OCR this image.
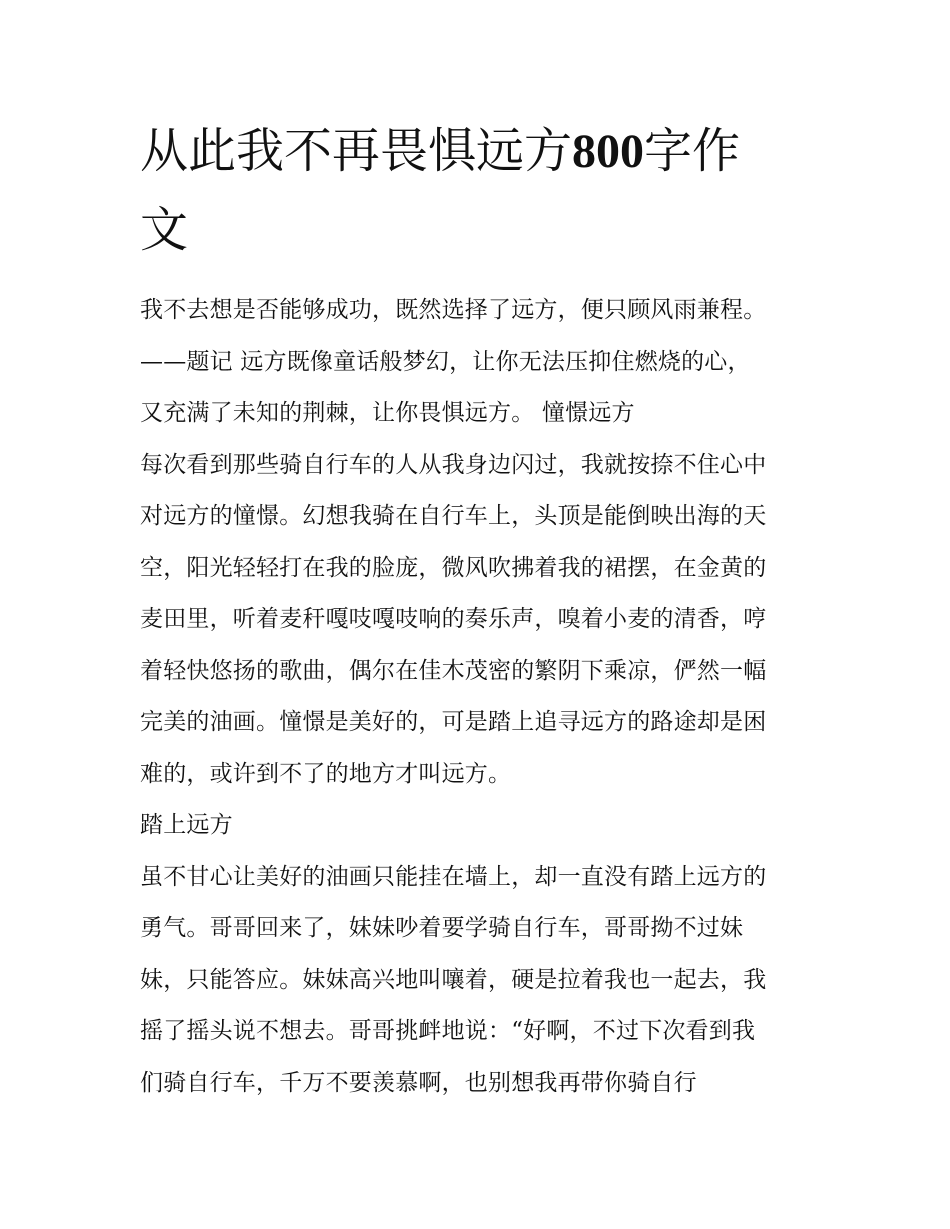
从此我不再畏惧远方800字作
文

我不去想是否能够成功，既然选择了远方，便只顾风雨兼程。

——题记 远方既像童话般梦幻，让你无法压抑住燃烧的心，

又充满了未知的荆棘，让你畏惧远方。 憧憬远方

每次看到那些骑自行车的人从我身边闪过，我就按捺不住心中

对远方的憧憬。幻想我骑在自行车上，头顶是能倒映出海的天

空，阳光轻轻打在我的脸庞，微风吹拂着我的裙摆，在金黄的

麦田里，听着麦秆嘎吱嘎吱响的奏乐声，嗅着小麦的清香，哼

着轻快悠扬的歌曲，偶尔在佳木茂密的繁阴下乘凉，俨然一幅

完美的油画。憧憬是美好的，可是踏上追寻远方的路途却是困

难的，或许到不了的地方才叫远方。

踏上远方

虽不甘心让美好的油画只能挂在墙上，却一直没有踏上远方的

勇气。哥哥回来了，妹妹吵着要学骑自行车，哥哥拗不过妹

妹，只能答应。妹妹高兴地叫嚷着，硬是拉着我也一起去，我

摇了摇头说不想去。哥哥挑衅地说：“好啊，不过下次看到我

们骑自行车，千万不要羡慕啊，也别想我再带你骑自行
